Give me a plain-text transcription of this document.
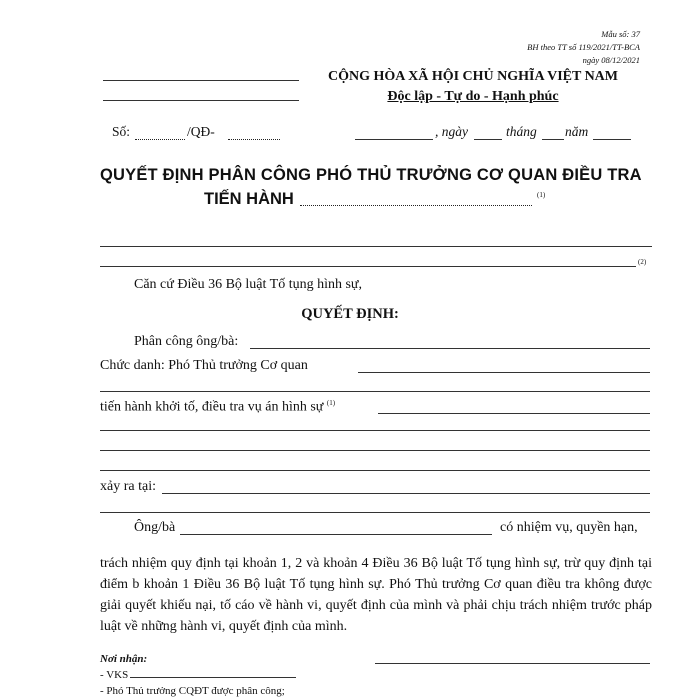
Mẫu số: 37
BH theo TT số 119/2021/TT-BCA
ngày 08/12/2021
CỘNG HÒA XÃ HỘI CHỦ NGHĨA VIỆT NAM
Độc lập - Tự do - Hạnh phúc
Số:	/QĐ-	, ngày	tháng năm
QUYẾT ĐỊNH PHÂN CÔNG PHÓ THỦ TRƯỞNG CƠ QUAN ĐIỀU TRA
TIẾN HÀNH	(1)
(2)
Căn cứ Điều 36 Bộ luật Tố tụng hình sự,
QUYẾT ĐỊNH:
Phân công ông/bà:
Chức danh: Phó Thủ trưởng Cơ quan
tiến hành khởi tố, điều tra vụ án hình sự $^{(1)}$
xảy ra tại:
Ông/bà	có nhiệm vụ, quyền hạn,
trách nhiệm quy định tại khoản 1, 2 và khoản 4 Điều 36 Bộ luật Tố tụng hình sự, trừ quy định tại điểm b khoản 1 Điều 36 Bộ luật Tố tụng hình sự. Phó Thủ trưởng Cơ quan điều tra không được giải quyết khiếu nại, tố cáo về hành vi, quyết định của mình và phải chịu trách nhiệm trước pháp luật về những hành vi, quyết định của mình.
Nơi nhận:
- VKS
- Phó Thủ trưởng CQĐT được phân công;
